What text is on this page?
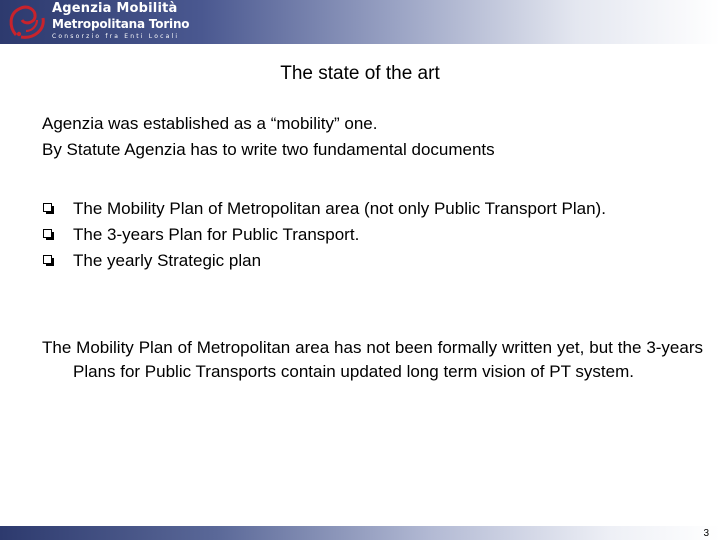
Agenzia Mobilità
Metropolitana Torino
Consorzio fra Enti Locali
The state of the art

Agenzia was established as a “mobility” one.

By Statute Agenzia has to write two fundamental documents

The Mobility Plan of Metropolitan area (not only Public Transport Plan).
The 3-years Plan for Public Transport.
The yearly Strategic plan

The Mobility Plan of Metropolitan area has not been formally written yet, but the 3-years Plans for Public Transports contain updated long term vision of PT system.

3
